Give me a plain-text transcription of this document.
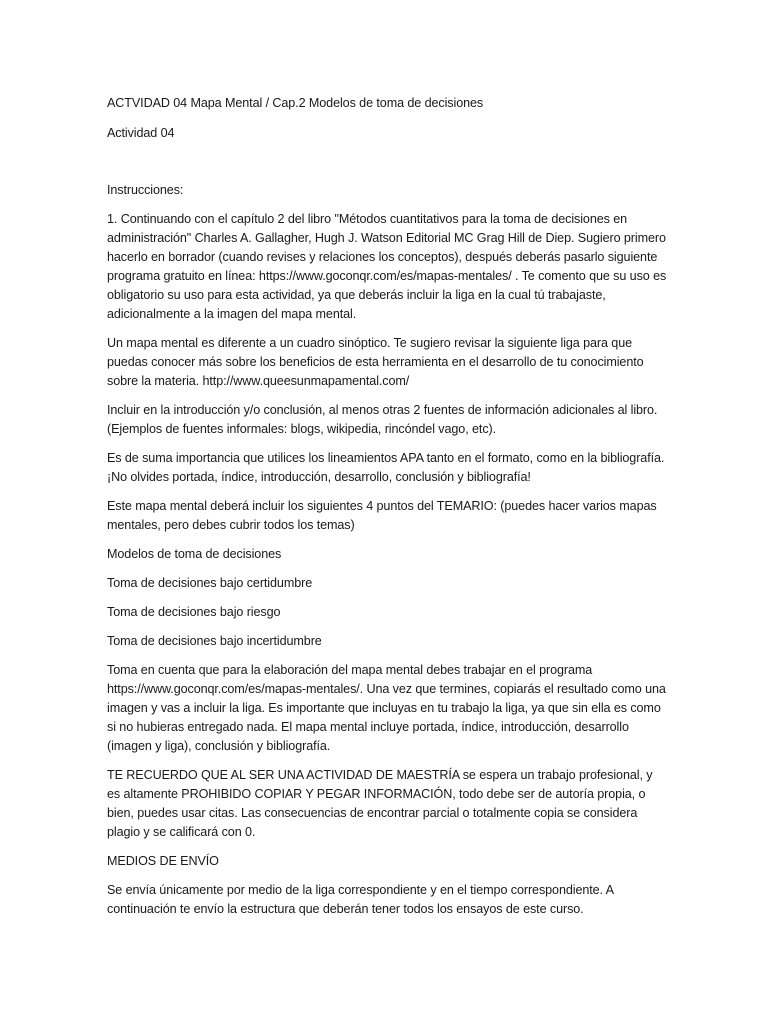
ACTVIDAD 04 Mapa Mental / Cap.2 Modelos de toma de decisiones

Actividad 04

Instrucciones:

1. Continuando con el capítulo 2 del libro "Métodos cuantitativos para la toma de decisiones en administración" Charles A. Gallagher, Hugh J. Watson Editorial MC Grag Hill de Diep. Sugiero primero hacerlo en borrador (cuando revises y relaciones los conceptos), después deberás pasarlo siguiente programa gratuito en línea: https://www.goconqr.com/es/mapas-mentales/ . Te comento que su uso es obligatorio su uso para esta actividad, ya que deberás incluir la liga en la cual tú trabajaste, adicionalmente a la imagen del mapa mental.

Un mapa mental es diferente a un cuadro sinóptico. Te sugiero revisar la siguiente liga para que puedas conocer más sobre los beneficios de esta herramienta en el desarrollo de tu conocimiento sobre la materia. http://www.queesunmapamental.com/

Incluir en la introducción y/o conclusión, al menos otras 2 fuentes de información adicionales al libro.(Ejemplos de fuentes informales: blogs, wikipedia, rincóndel vago, etc).

Es de suma importancia que utilices los lineamientos APA tanto en el formato, como en la bibliografía. ¡No olvides portada, índice, introducción, desarrollo, conclusión y bibliografía!

Este mapa mental deberá incluir los siguientes 4 puntos del TEMARIO: (puedes hacer varios mapas mentales, pero debes cubrir todos los temas)

Modelos de toma de decisiones

Toma de decisiones bajo certidumbre

Toma de decisiones bajo riesgo

Toma de decisiones bajo incertidumbre

Toma en cuenta que para la elaboración del mapa mental debes trabajar en el programa https://www.goconqr.com/es/mapas-mentales/. Una vez que termines, copiarás el resultado como una imagen y vas a incluir la liga. Es importante que incluyas en tu trabajo la liga, ya que sin ella es como si no hubieras entregado nada. El mapa mental incluye portada, índice, introducción, desarrollo (imagen y liga), conclusión y bibliografía.

TE RECUERDO QUE AL SER UNA ACTIVIDAD DE MAESTRÍA se espera un trabajo profesional, y es altamente PROHIBIDO COPIAR Y PEGAR INFORMACIÓN, todo debe ser de autoría propia, o bien, puedes usar citas. Las consecuencias de encontrar parcial o totalmente copia se considera plagio y se calificará con 0.

MEDIOS DE ENVÍO

Se envía únicamente por medio de la liga correspondiente y en el tiempo correspondiente. A continuación te envío la estructura que deberán tener todos los ensayos de este curso.
